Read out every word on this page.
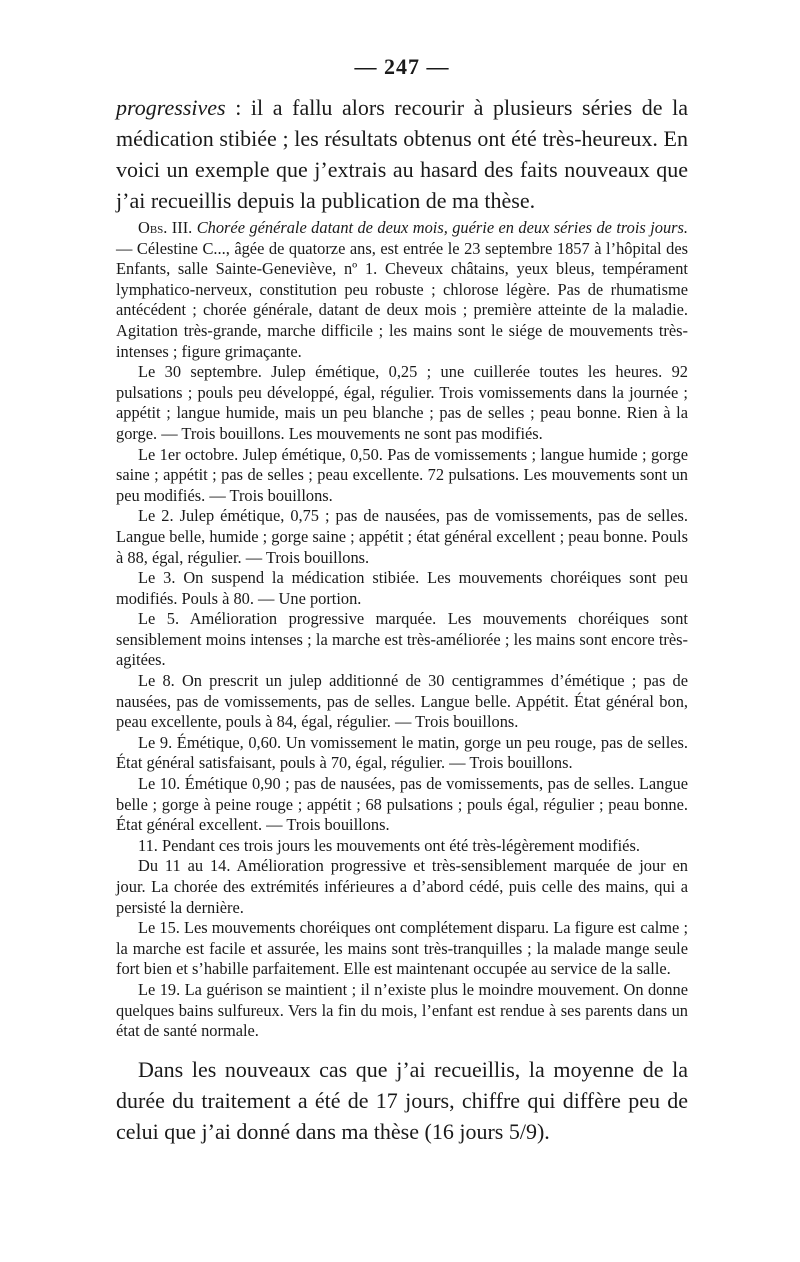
— 247 —

progressives : il a fallu alors recourir à plusieurs séries de la médication stibiée ; les résultats obtenus ont été très-heureux. En voici un exemple que j’extrais au hasard des faits nouveaux que j’ai recueillis depuis la publication de ma thèse.

Obs. III. Chorée générale datant de deux mois, guérie en deux séries de trois jours. — Célestine C..., âgée de quatorze ans, est entrée le 23 septembre 1857 à l’hôpital des Enfants, salle Sainte-Geneviève, nº 1. Cheveux châtains, yeux bleus, tempérament lymphatico-nerveux, constitution peu robuste ; chlorose légère. Pas de rhumatisme antécédent ; chorée générale, datant de deux mois ; première atteinte de la maladie. Agitation très-grande, marche difficile ; les mains sont le siége de mouvements très-intenses ; figure grimaçante.

Le 30 septembre. Julep émétique, 0,25 ; une cuillerée toutes les heures. 92 pulsations ; pouls peu développé, égal, régulier. Trois vomissements dans la journée ; appétit ; langue humide, mais un peu blanche ; pas de selles ; peau bonne. Rien à la gorge. — Trois bouillons. Les mouvements ne sont pas modifiés.

Le 1er octobre. Julep émétique, 0,50. Pas de vomissements ; langue humide ; gorge saine ; appétit ; pas de selles ; peau excellente. 72 pulsations. Les mouvements sont un peu modifiés. — Trois bouillons.

Le 2. Julep émétique, 0,75 ; pas de nausées, pas de vomissements, pas de selles. Langue belle, humide ; gorge saine ; appétit ; état général excellent ; peau bonne. Pouls à 88, égal, régulier. — Trois bouillons.

Le 3. On suspend la médication stibiée. Les mouvements choréiques sont peu modifiés. Pouls à 80. — Une portion.

Le 5. Amélioration progressive marquée. Les mouvements choréiques sont sensiblement moins intenses ; la marche est très-améliorée ; les mains sont encore très-agitées.

Le 8. On prescrit un julep additionné de 30 centigrammes d’émétique ; pas de nausées, pas de vomissements, pas de selles. Langue belle. Appétit. État général bon, peau excellente, pouls à 84, égal, régulier. — Trois bouillons.

Le 9. Émétique, 0,60. Un vomissement le matin, gorge un peu rouge, pas de selles. État général satisfaisant, pouls à 70, égal, régulier. — Trois bouillons.

Le 10. Émétique 0,90 ; pas de nausées, pas de vomissements, pas de selles. Langue belle ; gorge à peine rouge ; appétit ; 68 pulsations ; pouls égal, régulier ; peau bonne. État général excellent. — Trois bouillons.

11. Pendant ces trois jours les mouvements ont été très-légèrement modifiés.

Du 11 au 14. Amélioration progressive et très-sensiblement marquée de jour en jour. La chorée des extrémités inférieures a d’abord cédé, puis celle des mains, qui a persisté la dernière.

Le 15. Les mouvements choréiques ont complétement disparu. La figure est calme ; la marche est facile et assurée, les mains sont très-tranquilles ; la malade mange seule fort bien et s’habille parfaitement. Elle est maintenant occupée au service de la salle.

Le 19. La guérison se maintient ; il n’existe plus le moindre mouvement. On donne quelques bains sulfureux. Vers la fin du mois, l’enfant est rendue à ses parents dans un état de santé normale.

Dans les nouveaux cas que j’ai recueillis, la moyenne de la durée du traitement a été de 17 jours, chiffre qui diffère peu de celui que j’ai donné dans ma thèse (16 jours 5/9).
